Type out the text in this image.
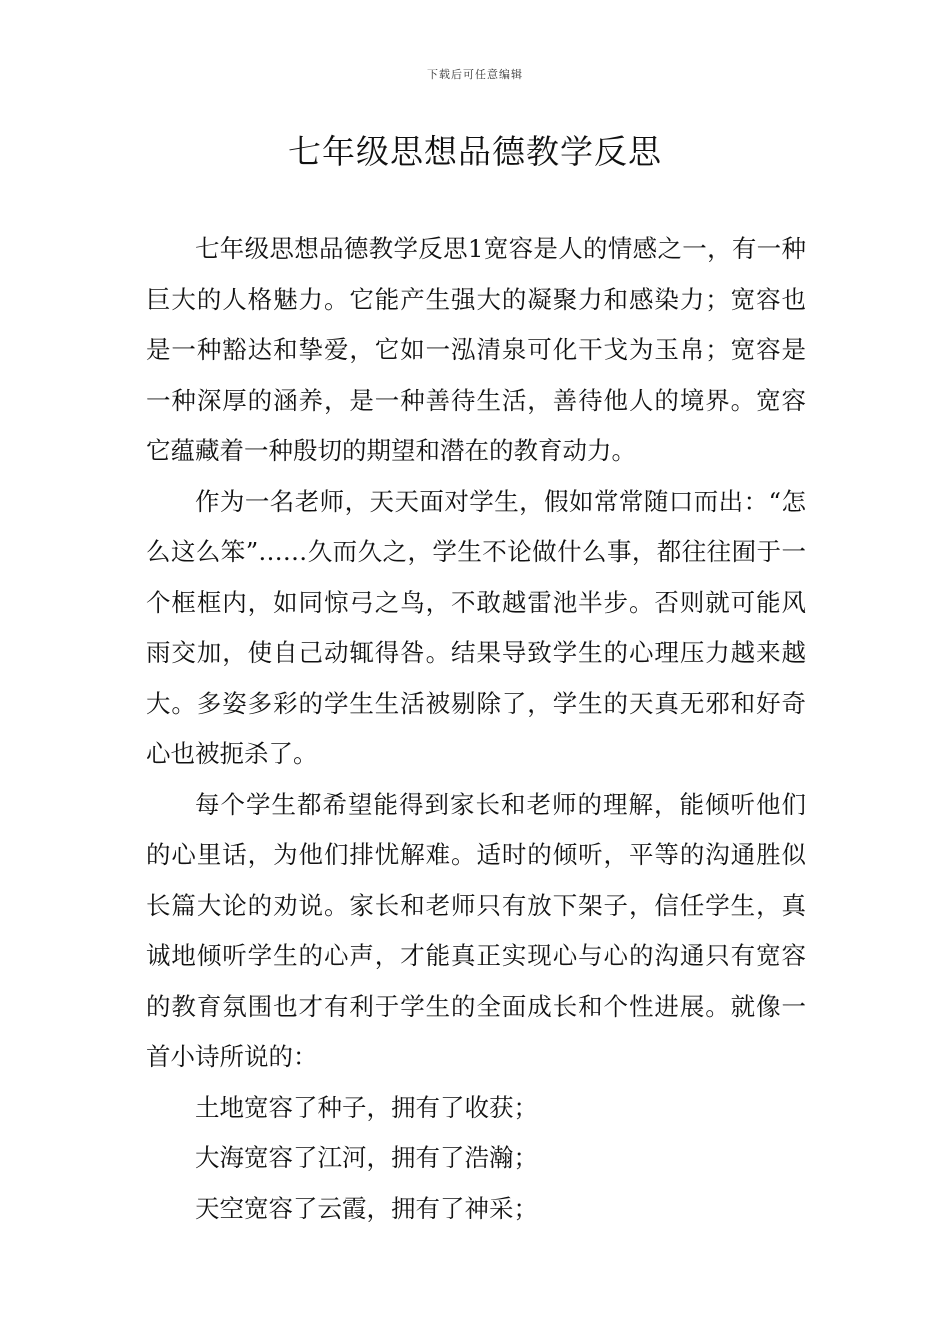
下载后可任意编辑
七年级思想品德教学反思

七年级思想品德教学反思1宽容是人的情感之一，有一种巨大的人格魅力。它能产生强大的凝聚力和感染力；宽容也是一种豁达和挚爱，它如一泓清泉可化干戈为玉帛；宽容是一种深厚的涵养，是一种善待生活，善待他人的境界。宽容它蕴藏着一种殷切的期望和潜在的教育动力。

作为一名老师，天天面对学生，假如常常随口而出：“怎么这么笨”……久而久之，学生不论做什么事，都往往囿于一个框框内，如同惊弓之鸟，不敢越雷池半步。否则就可能风雨交加，使自己动辄得咎。结果导致学生的心理压力越来越大。多姿多彩的学生生活被剔除了，学生的天真无邪和好奇心也被扼杀了。

每个学生都希望能得到家长和老师的理解，能倾听他们的心里话，为他们排忧解难。适时的倾听，平等的沟通胜似长篇大论的劝说。家长和老师只有放下架子，信任学生，真诚地倾听学生的心声，才能真正实现心与心的沟通只有宽容的教育氛围也才有利于学生的全面成长和个性进展。就像一首小诗所说的：

土地宽容了种子，拥有了收获；

大海宽容了江河，拥有了浩瀚；

天空宽容了云霞，拥有了神采；
